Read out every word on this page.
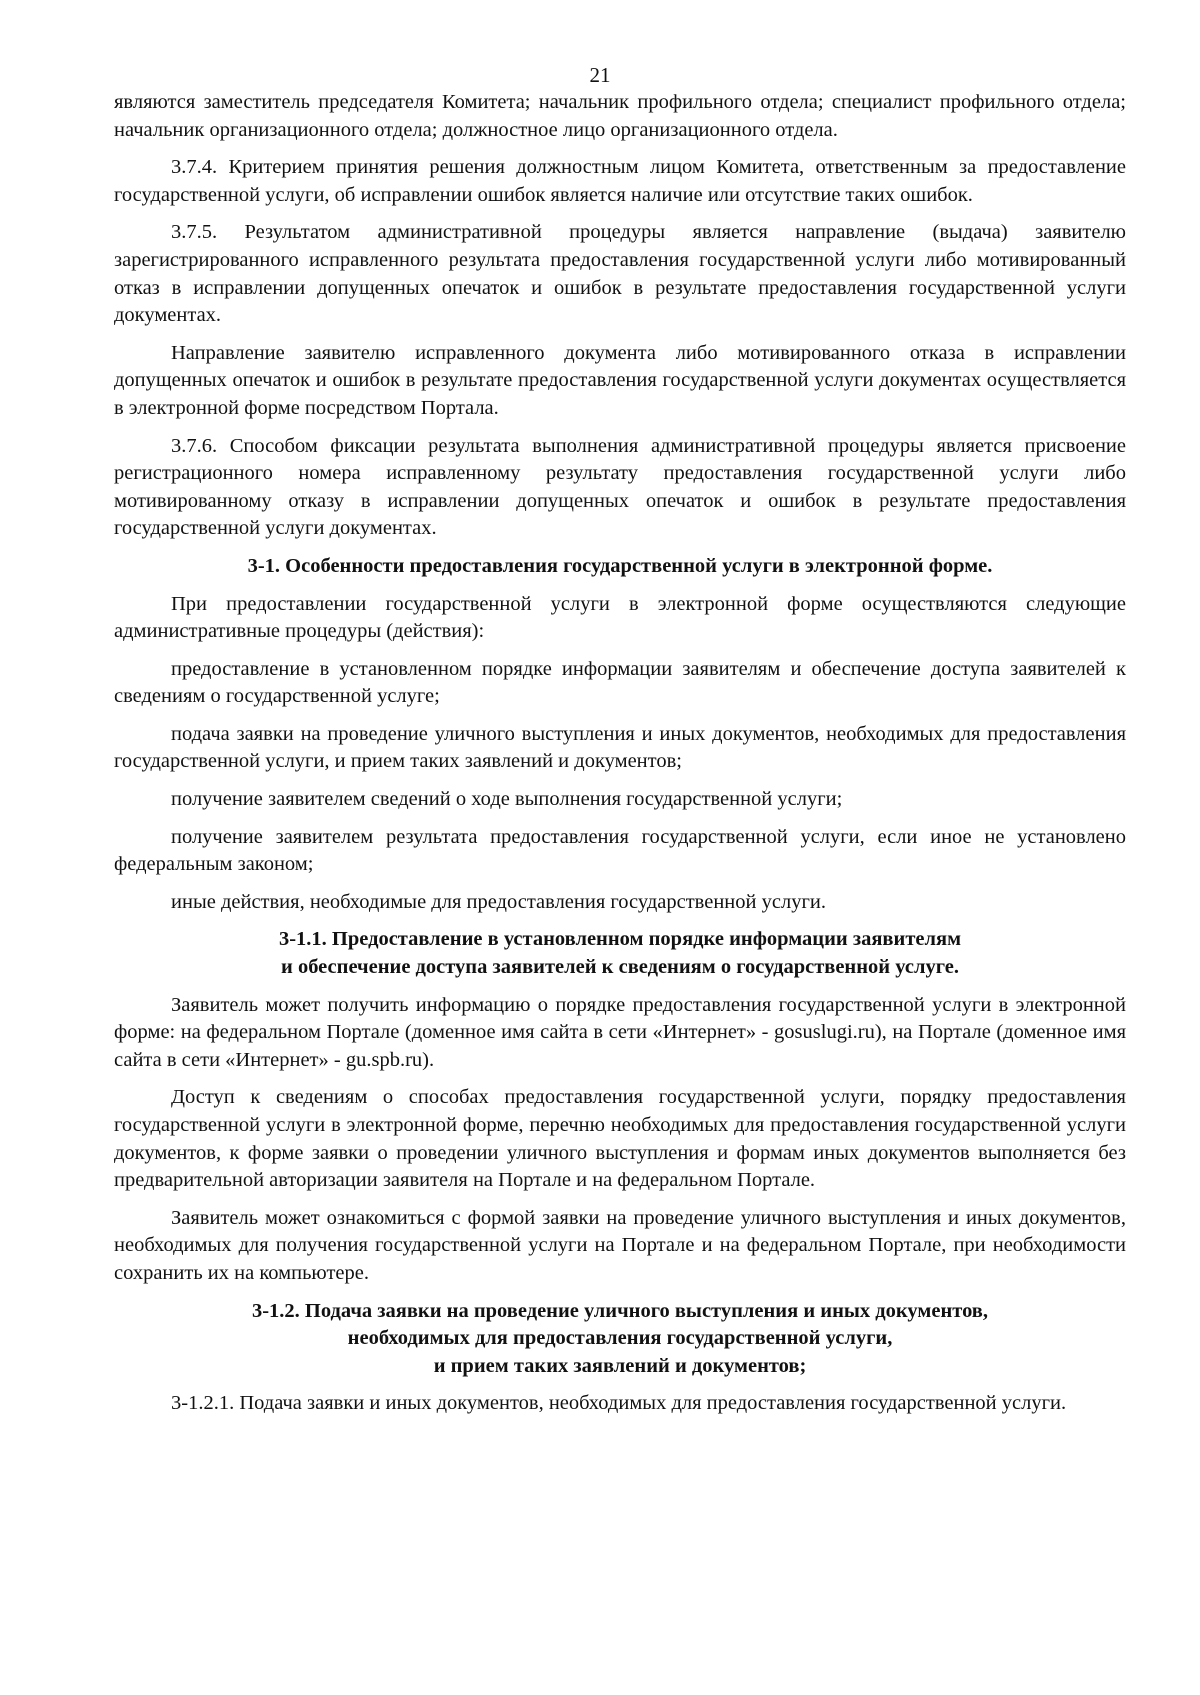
21

являются заместитель председателя Комитета; начальник профильного отдела; специалист профильного отдела; начальник организационного отдела; должностное лицо организационного отдела.

3.7.4. Критерием принятия решения должностным лицом Комитета, ответственным за предоставление государственной услуги, об исправлении ошибок является наличие или отсутствие таких ошибок.

3.7.5. Результатом административной процедуры является направление (выдача) заявителю зарегистрированного исправленного результата предоставления государственной услуги либо мотивированный отказ в исправлении допущенных опечаток и ошибок в результате предоставления государственной услуги документах.

Направление заявителю исправленного документа либо мотивированного отказа в исправлении допущенных опечаток и ошибок в результате предоставления государственной услуги документах осуществляется в электронной форме посредством Портала.

3.7.6. Способом фиксации результата выполнения административной процедуры является присвоение регистрационного номера исправленному результату предоставления государственной услуги либо мотивированному отказу в исправлении допущенных опечаток и ошибок в результате предоставления государственной услуги документах.

3-1. Особенности предоставления государственной услуги в электронной форме.

При предоставлении государственной услуги в электронной форме осуществляются следующие административные процедуры (действия):

предоставление в установленном порядке информации заявителям и обеспечение доступа заявителей к сведениям о государственной услуге;

подача заявки на проведение уличного выступления и иных документов, необходимых для предоставления государственной услуги, и прием таких заявлений и документов;

получение заявителем сведений о ходе выполнения государственной услуги;

получение заявителем результата предоставления государственной услуги, если иное не установлено федеральным законом;

иные действия, необходимые для предоставления государственной услуги.

3-1.1. Предоставление в установленном порядке информации заявителям
и обеспечение доступа заявителей к сведениям о государственной услуге.

Заявитель может получить информацию о порядке предоставления государственной услуги в электронной форме: на федеральном Портале (доменное имя сайта в сети «Интернет» - gosuslugi.ru), на Портале (доменное имя сайта в сети «Интернет» - gu.spb.ru).

Доступ к сведениям о способах предоставления государственной услуги, порядку предоставления государственной услуги в электронной форме, перечню необходимых для предоставления государственной услуги документов, к форме заявки о проведении уличного выступления и формам иных документов выполняется без предварительной авторизации заявителя на Портале и на федеральном Портале.

Заявитель может ознакомиться с формой заявки на проведение уличного выступления и иных документов, необходимых для получения государственной услуги на Портале и на федеральном Портале, при необходимости сохранить их на компьютере.

3-1.2. Подача заявки на проведение уличного выступления и иных документов,
необходимых для предоставления государственной услуги,
и прием таких заявлений и документов;

3-1.2.1. Подача заявки и иных документов, необходимых для предоставления государственной услуги.
